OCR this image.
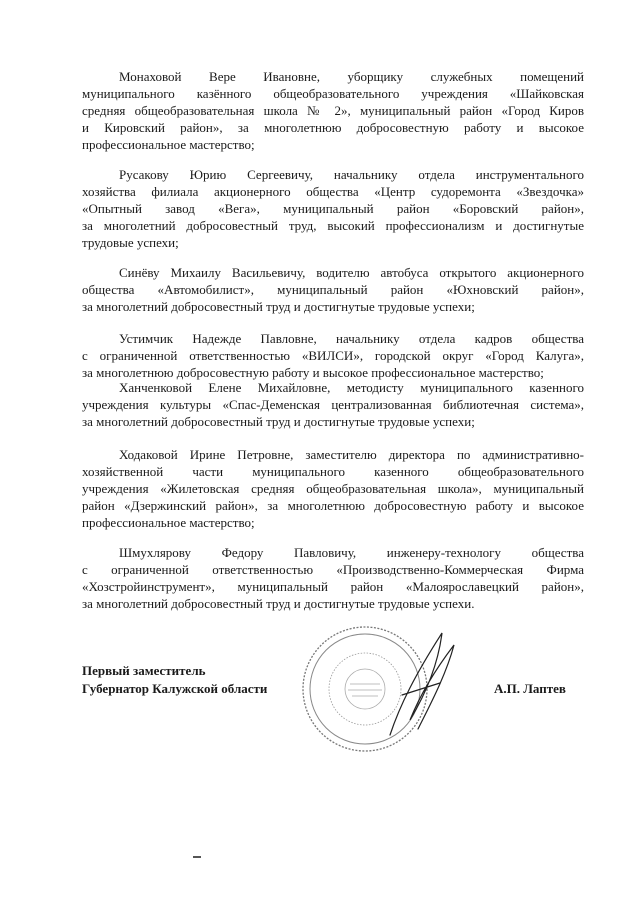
Монаховой Вере Ивановне, уборщику служебных помещений
муниципального казённого общеобразовательного учреждения «Шайковская
средняя общеобразовательная школа № 2», муниципальный район «Город Киров
и Кировский район», за многолетнюю добросовестную работу и высокое
профессиональное мастерство;
Русакову Юрию Сергеевичу, начальнику отдела инструментального
хозяйства филиала акционерного общества «Центр судоремонта «Звездочка»
«Опытный завод «Вега», муниципальный район «Боровский район»,
за многолетний добросовестный труд, высокий профессионализм и достигнутые
трудовые успехи;
Синёву Михаилу Васильевичу, водителю автобуса открытого акционерного
общества «Автомобилист», муниципальный район «Юхновский район»,
за многолетний добросовестный труд и достигнутые трудовые успехи;
Устимчик Надежде Павловне, начальнику отдела кадров общества
с ограниченной ответственностью «ВИЛСИ», городской округ «Город Калуга»,
за многолетнюю добросовестную работу и высокое профессиональное мастерство;
Ханченковой Елене Михайловне, методисту муниципального казенного
учреждения культуры «Спас-Деменская централизованная библиотечная система»,
за многолетний добросовестный труд и достигнутые трудовые успехи;
Ходаковой Ирине Петровне, заместителю директора по административно-
хозяйственной части муниципального казенного общеобразовательного
учреждения «Жилетовская средняя общеобразовательная школа», муниципальный
район «Дзержинский район», за многолетнюю добросовестную работу и высокое
профессиональное мастерство;
Шмухлярову Федору Павловичу, инженеру-технологу общества
с ограниченной ответственностью «Производственно-Коммерческая Фирма
«Хозстройинструмент», муниципальный район «Малоярославецкий район»,
за многолетний добросовестный труд и достигнутые трудовые успехи.
Первый заместитель
Губернатор Калужской области	А.П. Лаптев
